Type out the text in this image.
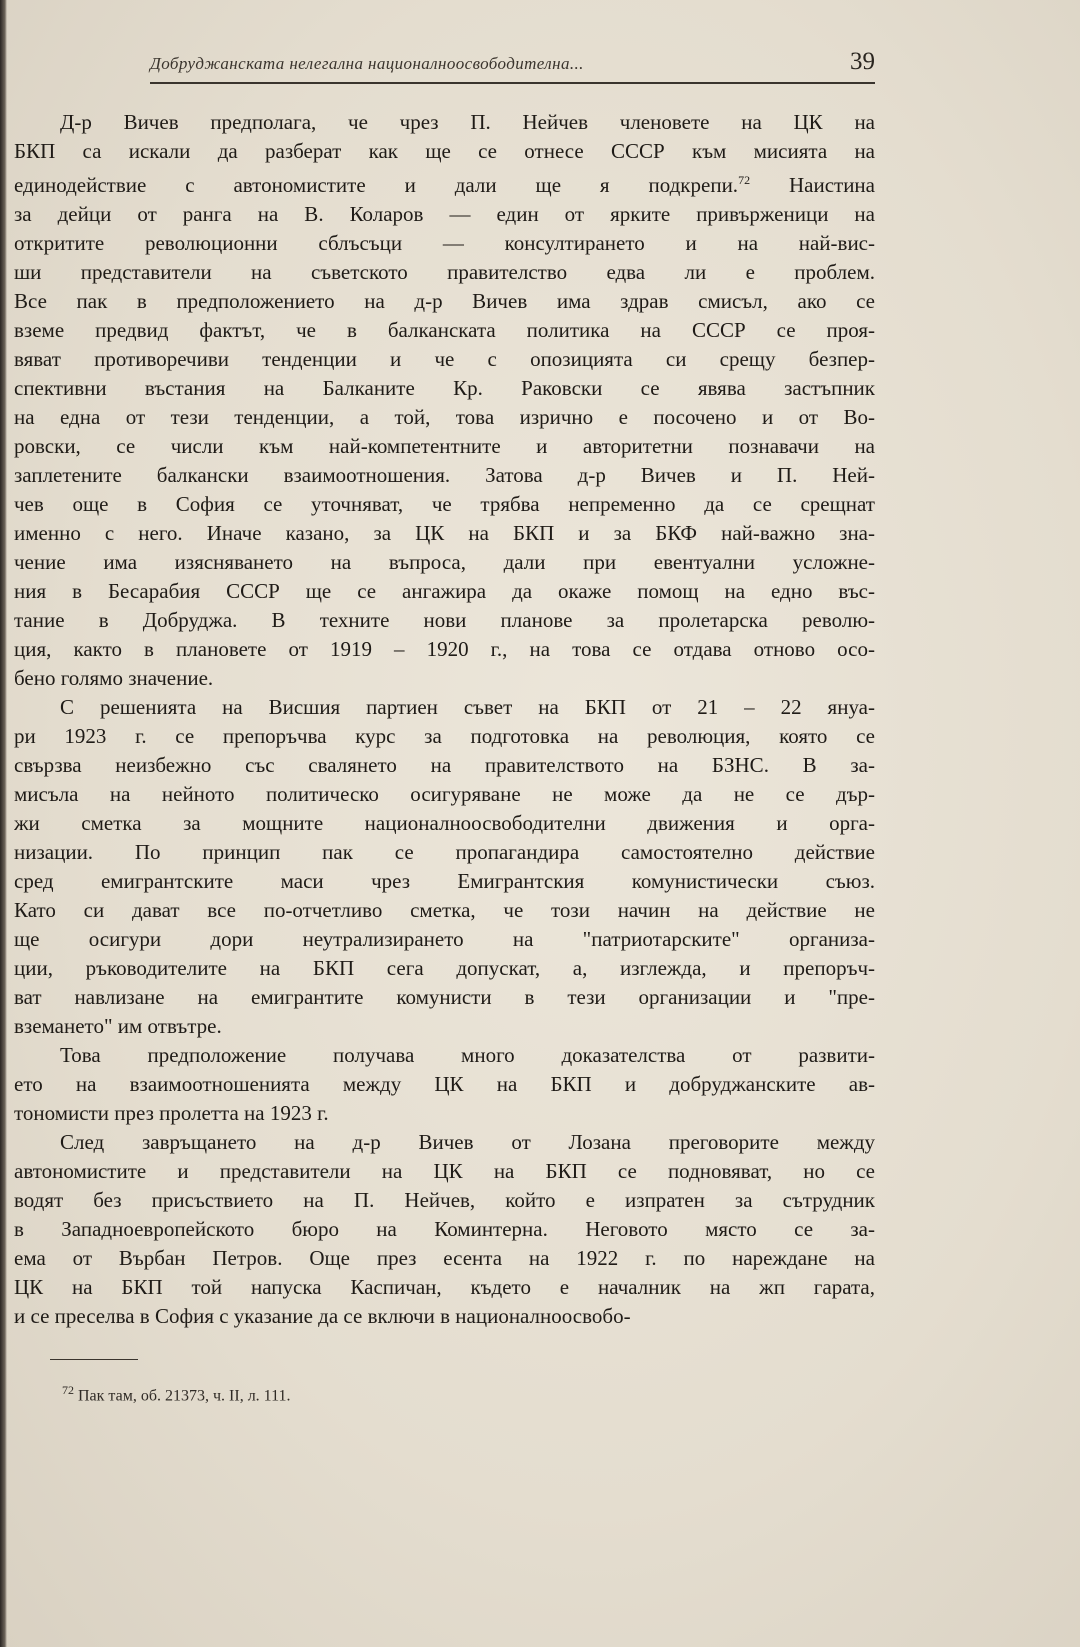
Добруджанската нелегална националноосвободителна...	39

Д-р Вичев предполага, че чрез П. Нейчев членовете на ЦК на
БКП са искали да разберат как ще се отнесе СССР към мисията на
единодействие с автономистите и дали ще я подкрепи.$^{72}$ Наистина
за дейци от ранга на В. Коларов — един от ярките привърженици на
открититe революционни сблъсъци — консултирането и на най-вис-
ши представители на съветското правителство едва ли е проблем.
Все пак в предположението на д-р Вичев има здрав смисъл, ако се
вземе предвид фактът, че в балканската политика на СССР се проя-
вяват противоречиви тенденции и че с опозицията си срещу безпер-
спективни въстания на Балканите Кр. Раковски се явява застъпник
на една от тези тенденции, а той, това изрично е посочено и от Во-
ровски, се числи към най-компетентните и авторитетни познавачи на
заплетените балкански взаимоотношения. Затова д-р Вичев и П. Ней-
чев още в София се уточняват, че трябва непременно да се срещнат
именно с него. Иначе казано, за ЦК на БКП и за БКФ най-важно зна-
чение има изясняването на въпроса, дали при евентуални усложне-
ния в Бесарабия СССР ще се ангажира да окаже помощ на едно въс-
тание в Добруджа. В техните нови планове за пролетарска револю-
ция, както в плановете от 1919 – 1920 г., на това се отдава отново осо-
бено голямо значение.

С решенията на Висшия партиен съвет на БКП от 21 – 22 януа-
ри 1923 г. се препоръчва курс за подготовка на революция, която се
свързва неизбежно със свалянето на правителството на БЗНС. В за-
мисъла на нейното политическо осигуряване не може да не се дър-
жи сметка за мощните националноосвободителни движения и орга-
низации. По принцип пак се пропагандира самостоятелно действие
сред емигрантските маси чрез Емигрантския комунистически съюз.
Като си дават все по-отчетливо сметка, че този начин на действие не
ще осигури дори неутрализирането на "патриотарските" организа-
ции, ръководителите на БКП сега допускат, а, изглежда, и препоръч-
ват навлизане на емигрантите комунисти в тези организации и "пре-
вземането" им отвътре.

Това предположение получава много доказателства от развити-
ето на взаимоотношенията между ЦК на БКП и добруджанските ав-
тономисти през пролетта на 1923 г.

След завръщането на д-р Вичев от Лозана преговорите между
автономистите и представители на ЦК на БКП се подновяват, но се
водят без присъствието на П. Нейчев, който е изпратен за сътрудник
в Западноевропейското бюро на Коминтерна. Неговото място се за-
ема от Върбан Петров. Още през есента на 1922 г. по нареждане на
ЦК на БКП той напуска Каспичан, където е началник на жп гарата,
и се преселва в София с указание да се включи в националноосвобо-

$^{72}$ Пак там, об. 21373, ч. II, л. 111.
